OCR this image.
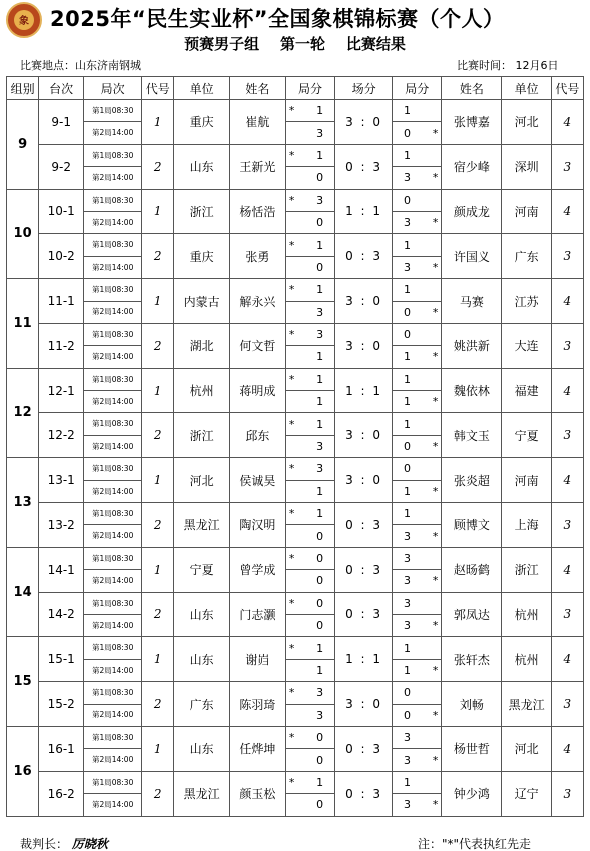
象	2025年“民生实业杯”全国象棋锦标赛（个人）
预赛男子组    第一轮    比赛结果
比赛地点：山东济南钢城	比赛时间： 12月6日
组别	台次	局次	代号	单位	姓名	局分	场分	局分	姓名	单位	代号
9	9-1	第1局08:30	1	重庆	崔航	* 1	3 : 0	1	张博嘉	河北	4
		第2局14:00				3		0 *			

	9-2	第1局08:30	2	山东	王新光	* 1	0 : 3	1	宿少峰	深圳	3
		第2局14:00				0		3 *			

10	10-1	第1局08:30	1	浙江	杨恬浩	* 3	1 : 1	0	颜成龙	河南	4
		第2局14:00				0		3 *			

	10-2	第1局08:30	2	重庆	张勇	* 1	0 : 3	1	许国义	广东	3
		第2局14:00				0		3 *			

11	11-1	第1局08:30	1	内蒙古	解永兴	* 1	3 : 0	1	马赛	江苏	4
		第2局14:00				3		0 *			

	11-2	第1局08:30	2	湖北	何文哲	* 3	3 : 0	0	姚洪新	大连	3
		第2局14:00				1		1 *			

12	12-1	第1局08:30	1	杭州	蒋明成	* 1	1 : 1	1	魏依林	福建	4
		第2局14:00				1		1 *			

	12-2	第1局08:30	2	浙江	邱东	* 1	3 : 0	1	韩文玉	宁夏	3
		第2局14:00				3		0 *			

13	13-1	第1局08:30	1	河北	侯诚昊	* 3	3 : 0	0	张炎超	河南	4
		第2局14:00				1		1 *			

	13-2	第1局08:30	2	黑龙江	陶汉明	* 1	0 : 3	1	顾博文	上海	3
		第2局14:00				0		3 *			

14	14-1	第1局08:30	1	宁夏	曾学成	* 0	0 : 3	3	赵旸鹤	浙江	4
		第2局14:00				0		3 *			

	14-2	第1局08:30	2	山东	门志灏	* 0	0 : 3	3	郭凤达	杭州	3
		第2局14:00				0		3 *			

15	15-1	第1局08:30	1	山东	谢岿	* 1	1 : 1	1	张轩杰	杭州	4
		第2局14:00				1		1 *			

	15-2	第1局08:30	2	广东	陈羽琦	* 3	3 : 0	0	刘畅	黑龙江	3
		第2局14:00				3		0 *			

16	16-1	第1局08:30	1	山东	任烨坤	* 0	0 : 3	3	杨世哲	河北	4
		第2局14:00				0		3 *			

	16-2	第1局08:30	2	黑龙江	颜玉松	* 1	0 : 3	1	钟少鸿	辽宁	3
		第2局14:00				0		3 *			
裁判长： 厉晓秋	注："*"代表执红先走
